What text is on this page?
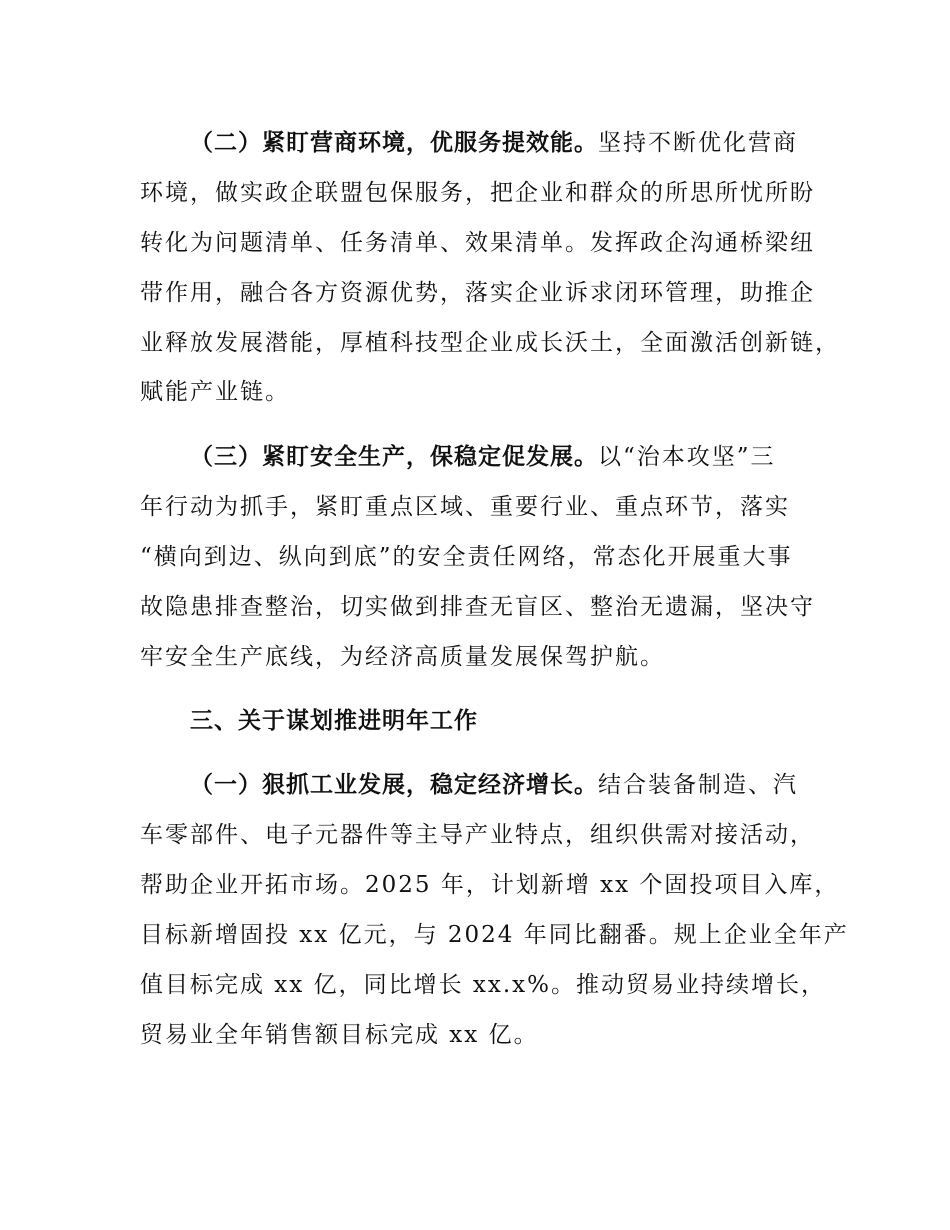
（二）紧盯营商环境，优服务提效能。坚持不断优化营商
环境，做实政企联盟包保服务，把企业和群众的所思所忧所盼
转化为问题清单、任务清单、效果清单。发挥政企沟通桥梁纽
带作用，融合各方资源优势，落实企业诉求闭环管理，助推企
业释放发展潜能，厚植科技型企业成长沃土，全面激活创新链，
赋能产业链。
（三）紧盯安全生产，保稳定促发展。以“治本攻坚”三
年行动为抓手，紧盯重点区域、重要行业、重点环节，落实
“横向到边、纵向到底”的安全责任网络，常态化开展重大事
故隐患排查整治，切实做到排查无盲区、整治无遗漏，坚决守
牢安全生产底线，为经济高质量发展保驾护航。
三、关于谋划推进明年工作
（一）狠抓工业发展，稳定经济增长。结合装备制造、汽
车零部件、电子元器件等主导产业特点，组织供需对接活动，
帮助企业开拓市场。2025 年，计划新增 xx 个固投项目入库，
目标新增固投 xx 亿元，与 2024 年同比翻番。规上企业全年产
值目标完成 xx 亿，同比增长 xx.x%。推动贸易业持续增长，
贸易业全年销售额目标完成 xx 亿。
